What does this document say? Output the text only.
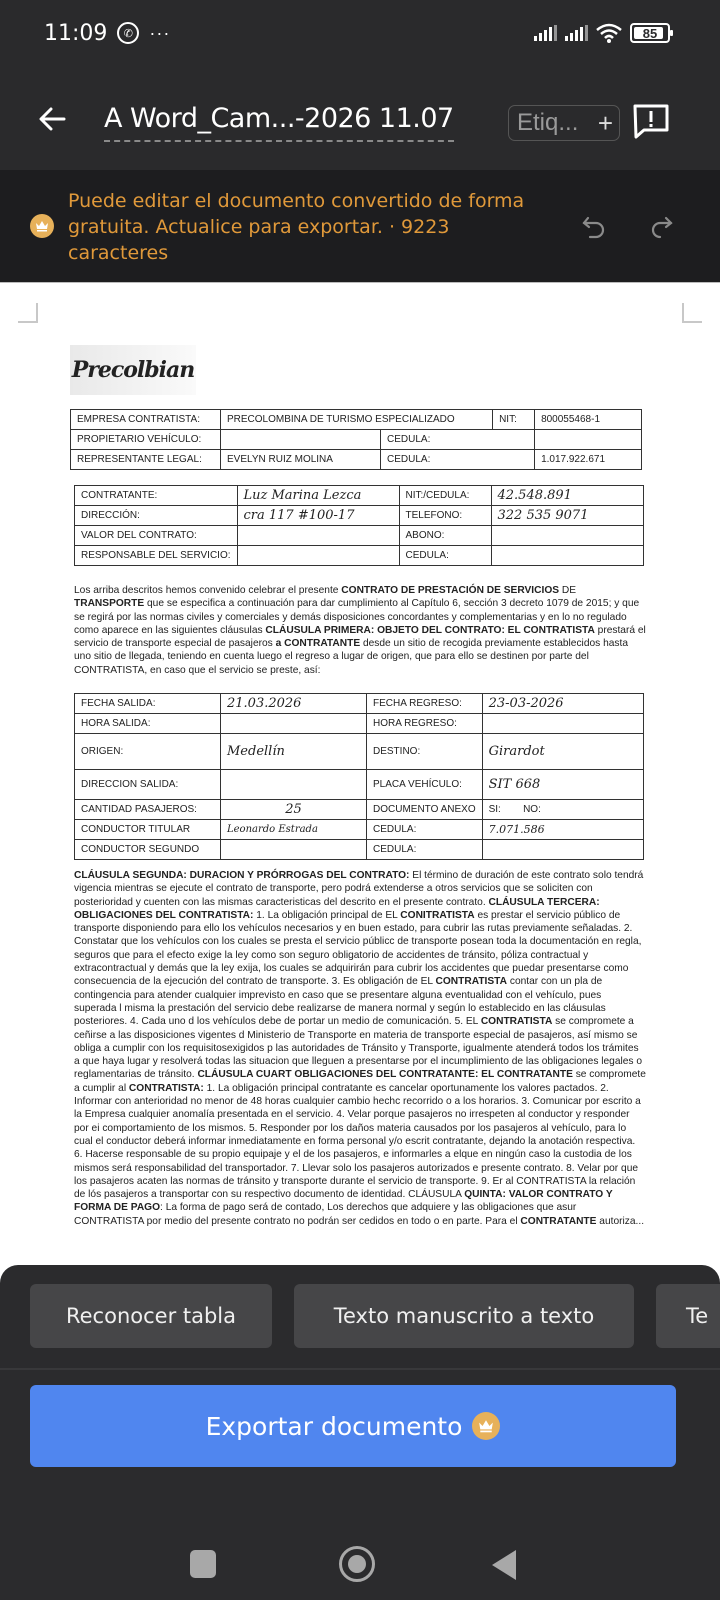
11:09	✆ ···	85
A Word_Cam...-2026 11.07	Etiq... +
Puede editar el documento convertido de forma gratuita. Actualice para exportar. · 9223 caracteres
Precolbian
EMPRESA CONTRATISTA:	PRECOLOMBINA DE TURISMO ESPECIALIZADO		NIT:	800055468-1
PROPIETARIO VEHÍCULO:		CEDULA:		
REPRESENTANTE LEGAL:	EVELYN RUIZ MOLINA	CEDULA:		1.017.922.671
CONTRATANTE:	Luz Marina Lezca	NIT:/CEDULA:	42.548.891
DIRECCIÓN:	cra 117 #100-17	TELEFONO:	322 535 9071
VALOR DEL CONTRATO:		ABONO:	
RESPONSABLE DEL SERVICIO:		CEDULA:	
Los arriba descritos hemos convenido celebrar el presente CONTRATO DE PRESTACIÓN DE SERVICIOS DE TRANSPORTE que se especifica a continuación para dar cumplimiento al Capítulo 6, sección 3 decreto 1079 de 2015; y que se regirá por las normas civiles y comerciales y demás disposiciones concordantes y complementarias y en lo no regulado como aparece en las siguientes cláusulas CLÁUSULA PRIMERA: OBJETO DEL CONTRATO: EL CONTRATISTA prestará el servicio de transporte especial de pasajeros a CONTRATANTE desde un sitio de recogida previamente establecidos hasta uno sitio de llegada, teniendo en cuenta luego el regreso a lugar de origen, que para ello se destinen por parte del CONTRATISTA, en caso que el servicio se preste, así:
FECHA SALIDA:	21.03.2026	FECHA REGRESO:	23-03-2026
HORA SALIDA:		HORA REGRESO:	
ORIGEN:	Medellín	DESTINO:	Girardot
DIRECCION SALIDA:		PLACA VEHÍCULO:	SIT 668
CANTIDAD PASAJEROS:	25	DOCUMENTO ANEXO	SI:        NO:
CONDUCTOR TITULAR	Leonardo Estrada	CEDULA:	7.071.586
CONDUCTOR SEGUNDO		CEDULA:	
CLÁUSULA SEGUNDA: DURACION Y PRÓRROGAS DEL CONTRATO: El término de duración de este contrato solo tendrá vigencia mientras se ejecute el contrato de transporte, pero podrá extenderse a otros servicios que se soliciten con posterioridad y cuenten con las mismas caracteristicas del descrito en el presente contrato. CLÁUSULA TERCERA: OBLIGACIONES DEL CONTRATISTA: 1. La obligación principal de EL CONITRATISTA es prestar el servicio público de transporte disponiendo para ello los vehículos necesarios y en buen estado, para cubrir las rutas previamente señaladas. 2. Constatar que los vehículos con los cuales se presta el servicio públicc de transporte posean toda la documentación en regla, seguros que para el efecto exige la ley como son seguro obligatorio de accidentes de tránsito, póliza contractual y extracontractual y demás que la ley exija, los cuales se adquirirán para cubrir los accidentes que puedar presentarse como consecuencia de la ejecución del contrato de transporte. 3. Es obligación de EL CONTRATISTA contar con un pla de contingencia para atender cualquier imprevisto en caso que se presentare alguna eventualidad con el vehículo, pues superada l misma la prestación del servicio debe realizarse de manera normal y según lo establecido en las cláusulas posteriores. 4. Cada uno d los vehículos debe de portar un medio de comunicación. 5. EL CONTRATISTA se compromete a ceñirse a las disposiciones vigentes d Ministerio de Transporte en materia de transporte especial de pasajeros, así mismo se obliga a cumplir con los requisitosexigidos p las autoridades de Tránsito y Transporte, igualmente atenderá todos los trámites a que haya lugar y resolverá todas las situacion que lleguen a presentarse por el incumplimiento de las obligaciones legales o reglamentarias de tránsito. CLÁUSULA CUART OBLIGACIONES DEL CONTRATANTE: EL CONTRATANTE se compromete a cumplir al CONTRATISTA: 1. La obligación principal contratante es cancelar oportunamente los valores pactados. 2. Informar con anterioridad no menor de 48 horas cualquier cambio hechc recorrido o a los horarios. 3. Comunicar por escrito a la Empresa cualquier anomalía presentada en el servicio. 4. Velar porque pasajeros no irrespeten al conductor y responder por ei comportamiento de los mismos. 5. Responder por los daños materia causados por los pasajeros al vehículo, para lo cual el conductor deberá informar inmediatamente en forma personal y/o escrit contratante, dejando la anotación respectiva. 6. Hacerse responsable de su propio equipaje y el de los pasajeros, e informarles a elque en ningún caso la custodia de los mismos será responsabilidad del transportador. 7. Llevar solo los pasajeros autorizados e presente contrato. 8. Velar por que los pasajeros acaten las normas de tránsito y transporte durante el servicio de transporte. 9. Er al CONTRATISTA la relación de lós pasajeros a transportar con su respectivo documento de identidad. CLÁUSULA QUINTA: VALOR CONTRATO Y FORMA DE PAGO: La forma de pago será de contado, Los derechos que adquiere y las obligaciones que asur CONTRATISTA por medio del presente contrato no podrán ser cedidos en todo o en parte. Para el CONTRATANTE autoriza...
Reconocer tabla	Texto manuscrito a texto	Te
Exportar documento
